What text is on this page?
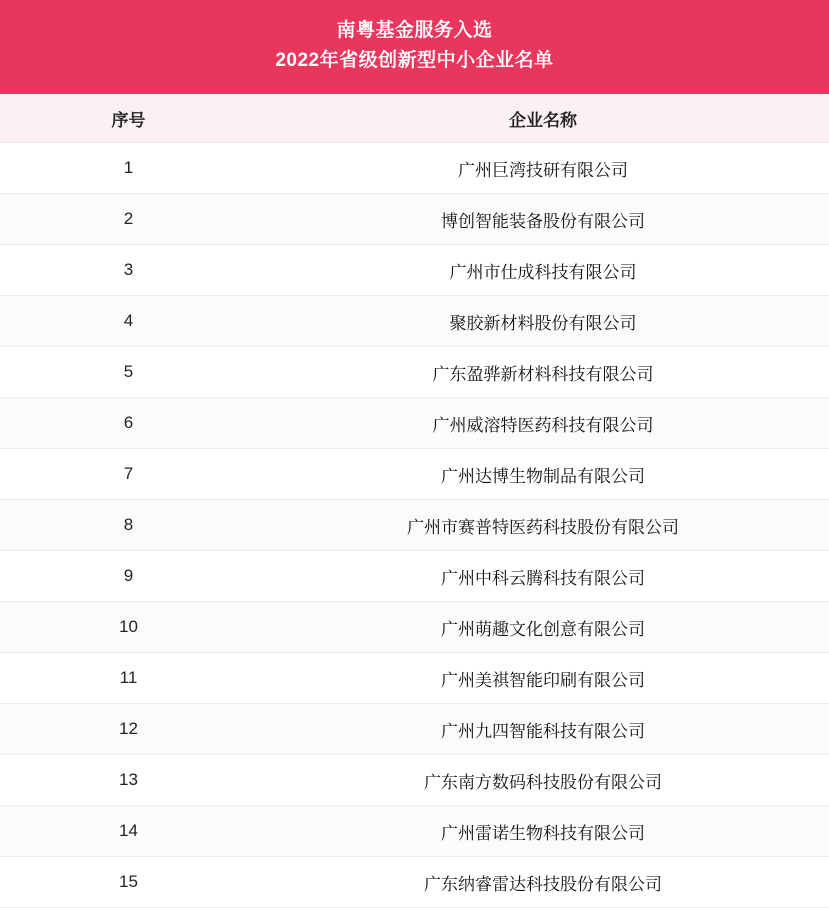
南粤基金服务入选
2022年省级创新型中小企业名单
序号	企业名称
1	广州巨湾技研有限公司
2	博创智能装备股份有限公司
3	广州市仕成科技有限公司
4	聚胶新材料股份有限公司
5	广东盈骅新材料科技有限公司
6	广州威溶特医药科技有限公司
7	广州达博生物制品有限公司
8	广州市赛普特医药科技股份有限公司
9	广州中科云腾科技有限公司
10	广州萌趣文化创意有限公司
11	广州美祺智能印刷有限公司
12	广州九四智能科技有限公司
13	广东南方数码科技股份有限公司
14	广州雷诺生物科技有限公司
15	广东纳睿雷达科技股份有限公司
